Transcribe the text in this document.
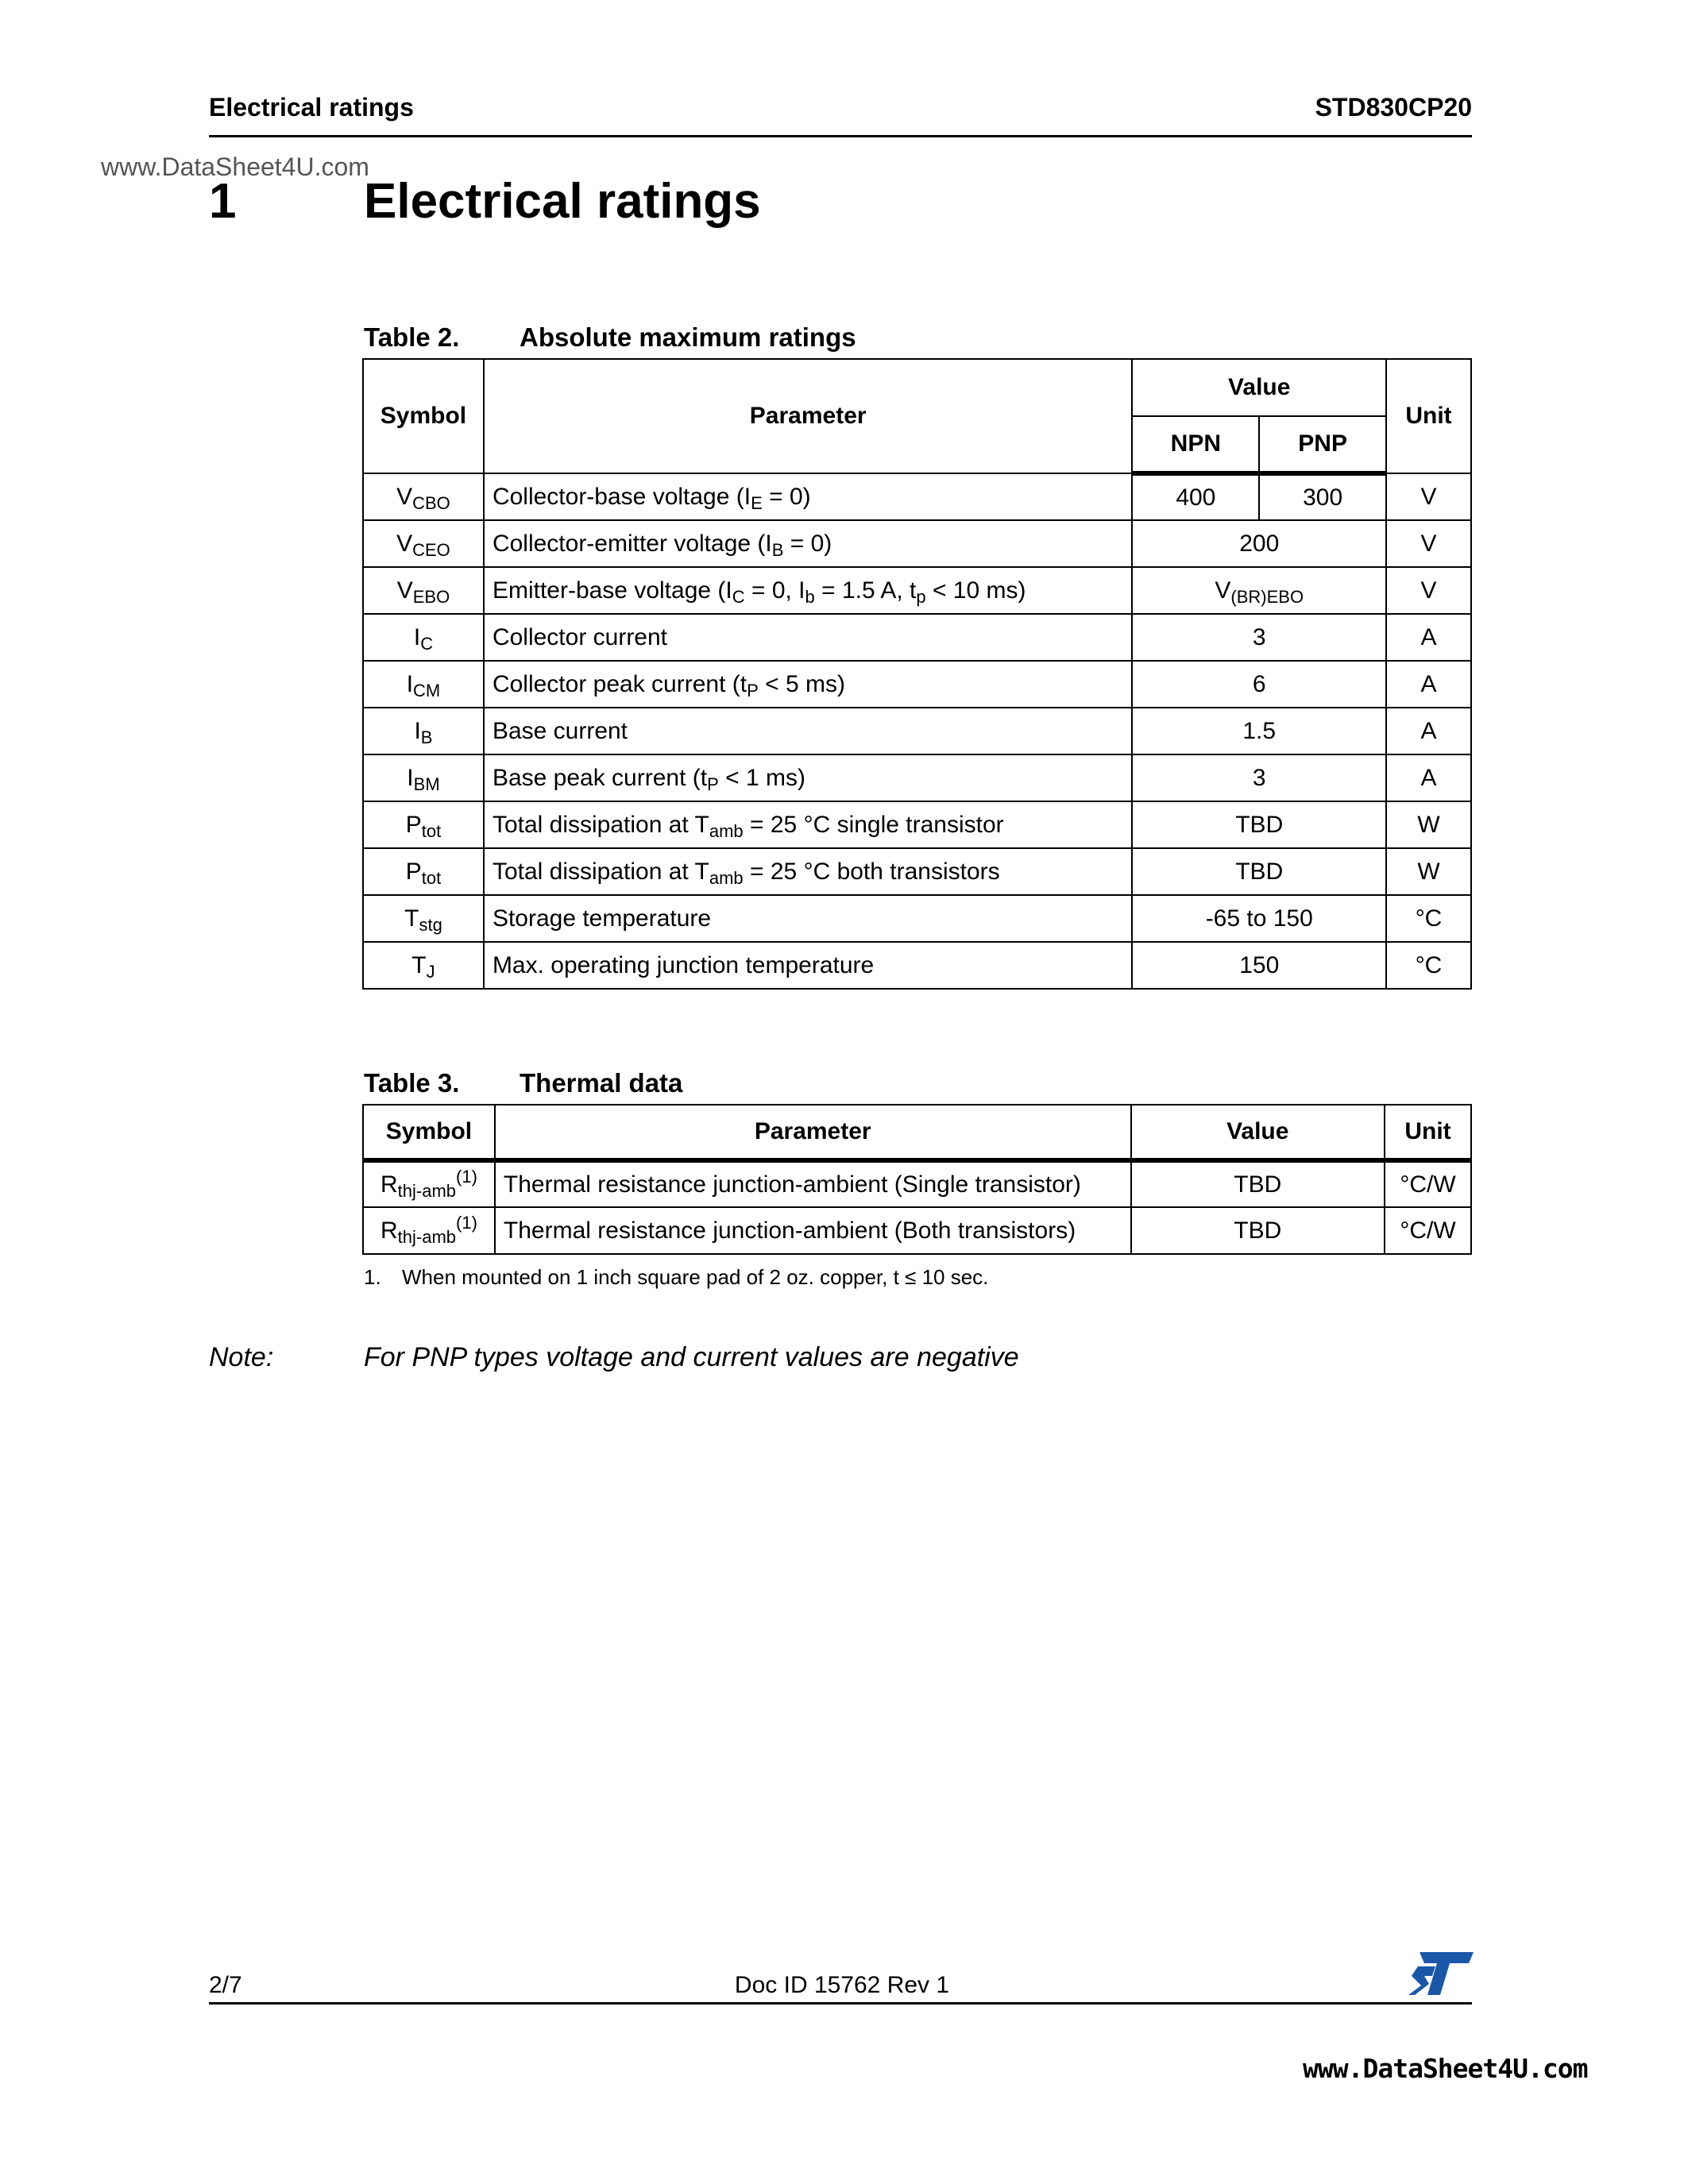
Electrical ratings	STD830CP20
www.DataSheet4U.com
1	Electrical ratings
Table 2. Absolute maximum ratings
Symbol	Parameter	Value		Unit
		NPN	PNP	
$V_{CBO}$	Collector-base voltage $(I_E = 0)$	400	300	V
$V_{CEO}$	Collector-emitter voltage $(I_B = 0)$	200		V
$V_{EBO}$	Emitter-base voltage ($I_C = 0$, $I_b = 1.5$ A, $t_p < 10$ ms)	$V_{(BR)EBO}$		V
$I_C$	Collector current	3		A
$I_{CM}$	Collector peak current ($t_P < 5$ ms)	6		A
$I_B$	Base current	1.5		A
$I_{BM}$	Base peak current ($t_P < 1$ ms)	3		A
$P_{tot}$	Total dissipation at $T_{amb} = 25$ °C single transistor	TBD		W
$P_{tot}$	Total dissipation at $T_{amb} = 25$ °C both transistors	TBD		W
$T_{stg}$	Storage temperature	-65 to 150		°C
$T_J$	Max. operating junction temperature	150		°C
Table 3. Thermal data
Symbol	Parameter	Value	Unit
$R_{thj-amb}^{(1)}$	Thermal resistance junction-ambient (Single transistor)	TBD	°C/W
$R_{thj-amb}^{(1)}$	Thermal resistance junction-ambient (Both transistors)	TBD	°C/W
1. When mounted on 1 inch square pad of 2 oz. copper, t ≤ 10 sec.
Note:	For PNP types voltage and current values are negative
2/7	Doc ID 15762 Rev 1
www.DataSheet4U.com
